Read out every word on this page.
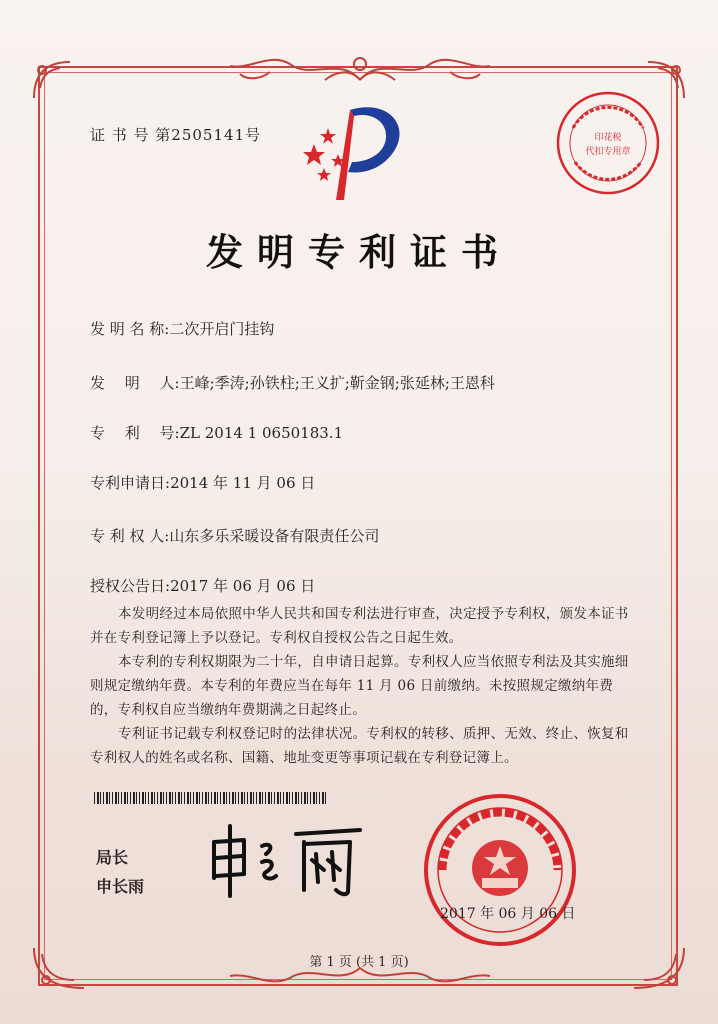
证 书 号 第2505141号	印花税
代扣专用章
发明专利证书
发 明 名 称:二次开启门挂钩
发　 明　 人:王峰;季涛;孙铁柱;王义扩;靳金钢;张延林;王恩科
专　 利　 号:ZL 2014 1 0650183.1
专利申请日:2014 年 11 月 06 日
专 利 权 人:山东多乐采暖设备有限责任公司
授权公告日:2017 年 06 月 06 日

本发明经过本局依照中华人民共和国专利法进行审查，决定授予专利权，颁发本证书并在专利登记簿上予以登记。专利权自授权公告之日起生效。

本专利的专利权期限为二十年，自申请日起算。专利权人应当依照专利法及其实施细则规定缴纳年费。本专利的年费应当在每年 11 月 06 日前缴纳。未按照规定缴纳年费的，专利权自应当缴纳年费期满之日起终止。

专利证书记载专利权登记时的法律状况。专利权的转移、质押、无效、终止、恢复和专利权人的姓名或名称、国籍、地址变更等事项记载在专利登记簿上。

局长
申长雨
2017 年 06 月 06 日
第 1 页 (共 1 页)
